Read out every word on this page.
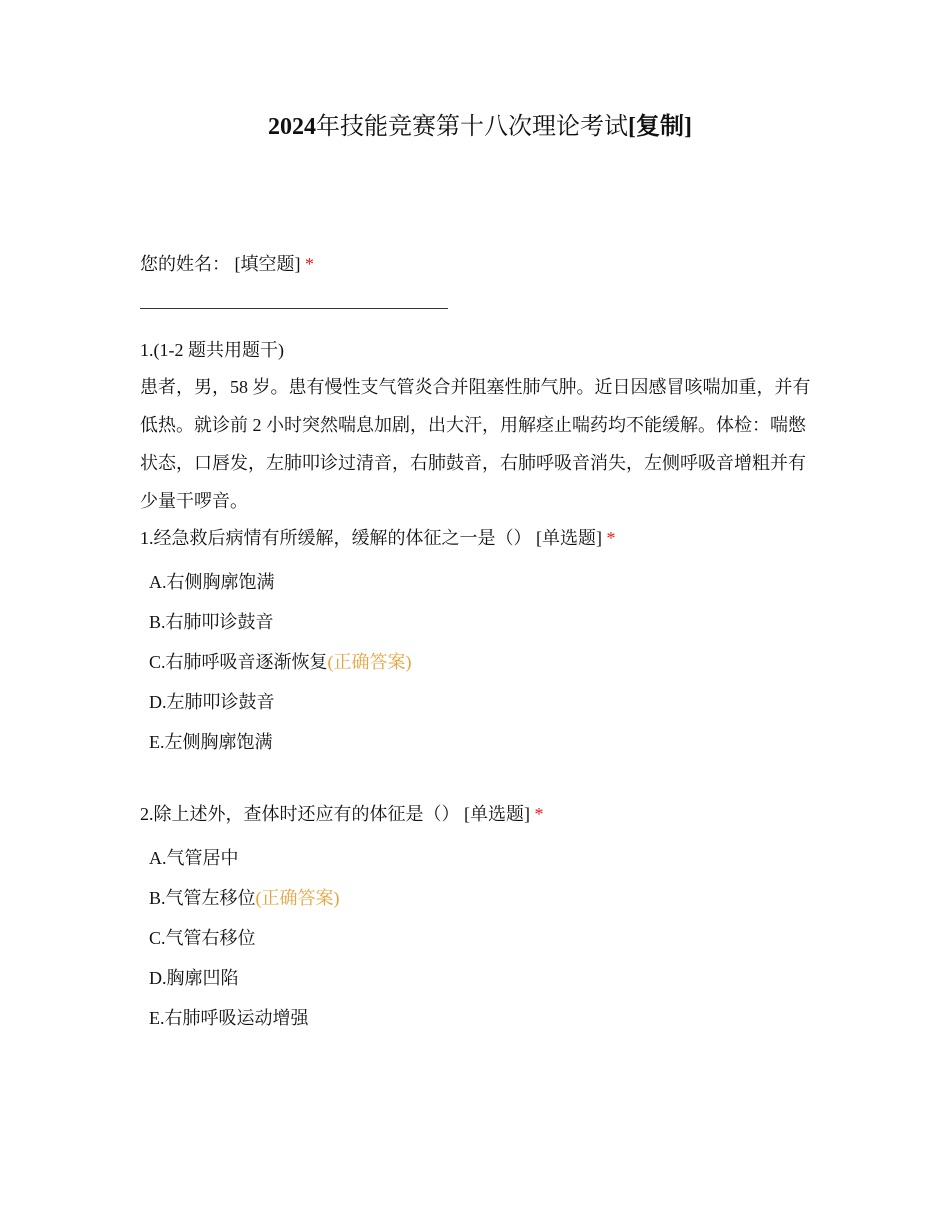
2024年技能竞赛第十八次理论考试[复制]

您的姓名： [填空题] *

1.(1-2 题共用题干)
患者，男，58 岁。患有慢性支气管炎合并阻塞性肺气肿。近日因感冒咳喘加重，并有低热。就诊前 2 小时突然喘息加剧，出大汗，用解痉止喘药均不能缓解。体检：喘憋状态，口唇发，左肺叩诊过清音，右肺鼓音，右肺呼吸音消失，左侧呼吸音增粗并有少量干啰音。
1.经急救后病情有所缓解，缓解的体征之一是（） [单选题] *
A.右侧胸廓饱满
B.右肺叩诊鼓音
C.右肺呼吸音逐渐恢复(正确答案)
D.左肺叩诊鼓音
E.左侧胸廓饱满
2.除上述外，查体时还应有的体征是（） [单选题] *
A.气管居中
B.气管左移位(正确答案)
C.气管右移位
D.胸廓凹陷
E.右肺呼吸运动增强
